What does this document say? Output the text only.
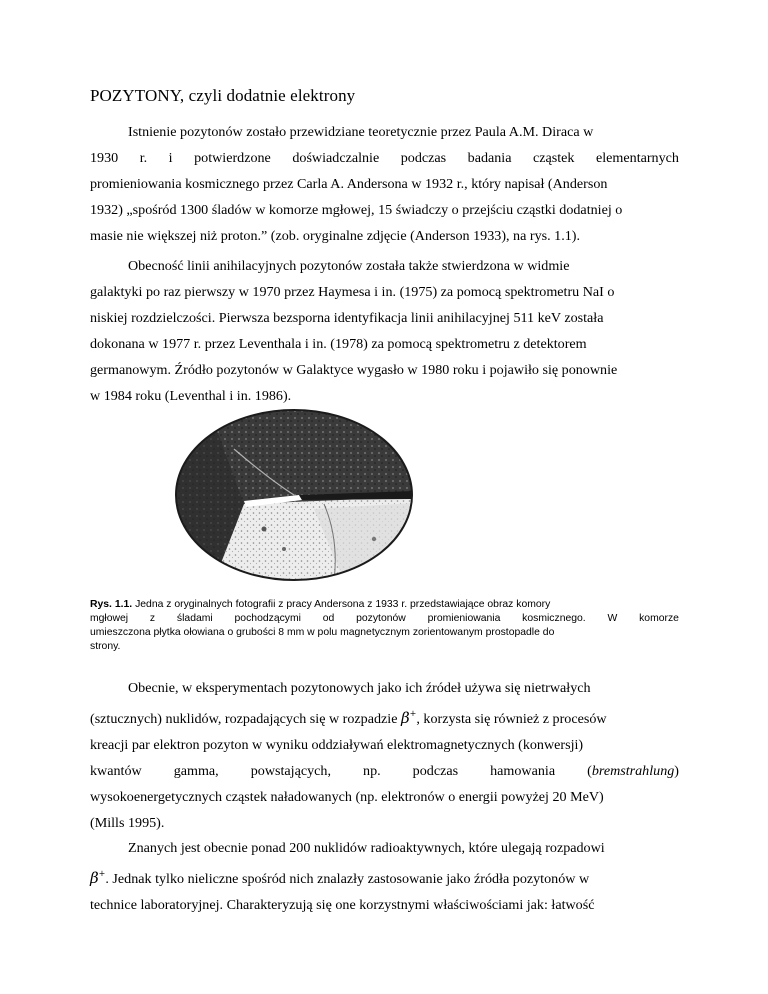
POZYTONY, czyli dodatnie elektrony
Istnienie pozytonów zostało przewidziane teoretycznie przez Paula A.M. Diraca w
1930 r. i potwierdzone doświadczalnie podczas badania cząstek elementarnych
promieniowania kosmicznego przez Carla A. Andersona w 1932 r., który napisał (Anderson
1932) „spośród 1300 śladów w komorze mgłowej, 15 świadczy o przejściu cząstki dodatniej o
masie nie większej niż proton.” (zob. oryginalne zdjęcie (Anderson 1933), na rys. 1.1).
Obecność linii anihilacyjnych pozytonów została także stwierdzona w widmie
galaktyki po raz pierwszy w 1970 przez Haymesa i in. (1975) za pomocą spektrometru NaI o
niskiej rozdzielczości. Pierwsza bezsporna identyfikacja linii anihilacyjnej 511 keV została
dokonana w 1977 r. przez Leventhala i in. (1978) za pomocą spektrometru z detektorem
germanowym. Źródło pozytonów w Galaktyce wygasło w 1980 roku i pojawiło się ponownie
w 1984 roku (Leventhal i in. 1986).
Rys. 1.1. Jedna z oryginalnych fotografii z pracy Andersona z 1933 r. przedstawiające obraz komory
mgłowej z śladami pochodzącymi od pozytonów promieniowania kosmicznego. W komorze
umieszczona płytka ołowiana o grubości 8 mm w polu magnetycznym zorientowanym prostopadle do
strony.
Obecnie, w eksperymentach pozytonowych jako ich źródeł używa się nietrwałych
(sztucznych) nuklidów, rozpadających się w rozpadzie β+, korzysta się również z procesów
kreacji par elektron pozyton w wyniku oddziaływań elektromagnetycznych (konwersji)
kwantów gamma, powstających, np. podczas hamowania (bremstrahlung)
wysokoenergetycznych cząstek naładowanych (np. elektronów o energii powyżej 20 MeV)
(Mills 1995).
Znanych jest obecnie ponad 200 nuklidów radioaktywnych, które ulegają rozpadowi
β+. Jednak tylko nieliczne spośród nich znalazły zastosowanie jako źródła pozytonów w
technice laboratoryjnej. Charakteryzują się one korzystnymi właściwościami jak: łatwość
